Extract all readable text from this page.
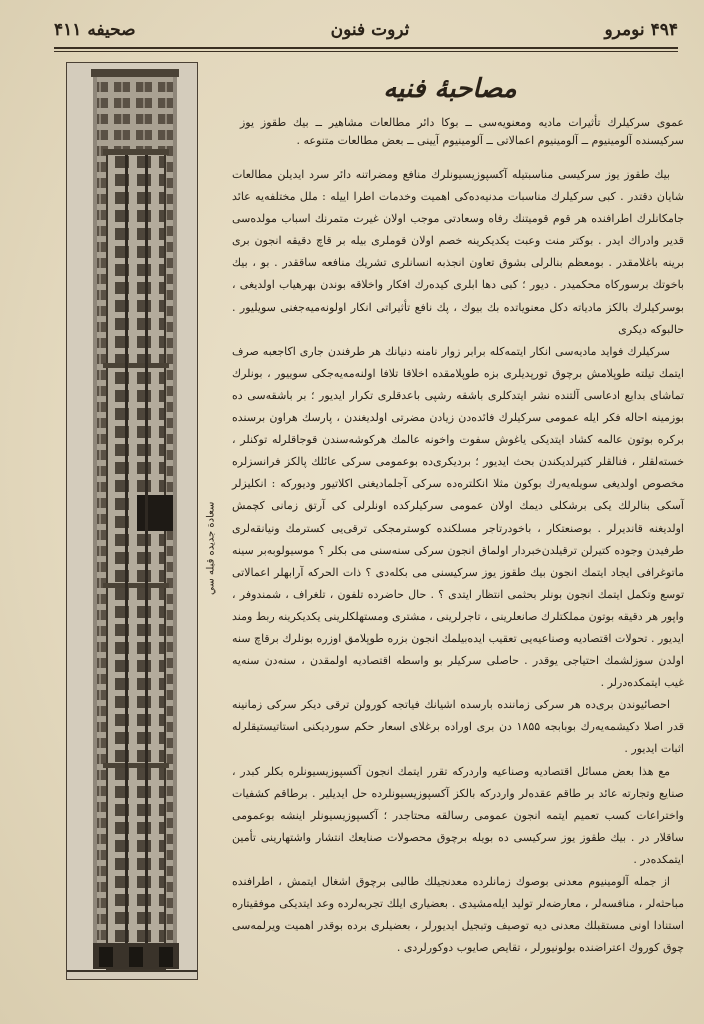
۴۹۴ نومرو
ثروت فنون
صحیفه ۴۱۱
سعادة جديده قبله سي
مصاحبۀ فنیه
عموی سرکیلرك تأثیرات مادیه ومعنویه‌سی ــ بوکا دائر مطالعات مشاهیر ــ بیك طقوز یوز سرکیسنده آلومینیوم ــ آلومینیوم اعمالاتی ــ آلومینیوم آیینی ــ بعض مطالعات متنوعه .

بیك طقوز یوز سرکیسی مناسبتیله آکسپوزیسیونلرك منافع ومضراتنه دائر سرد ایدیلن مطالعات شایان دقتدر . کبی سرکیلرك مناسبات مدنیه‌ده‌کی اهمیت وخدمات اطرا اییله : ملل مختلفه‌یه عائد جامکانلرك اطرافنده هر قوم قومیتنك رفاه وسعادتی موجب اولان غیرت متمرنك اسباب مولده‌سی قدیر وادراك ایدر . بوکتر منت وعبت یکدیکرینه خصم اولان قوملری بیله بر قاچ دقیقه انجون بری برینه باغلامقدر . بومعظم بنالرلی بشوق تعاون انجذبه انسانلری تشریك منافعه ساققدر . بو ، بیك باخوتك برسورکاه محکمیدر . دیور ؛ کبی دها ابلری کیده‌رك افکار واخلاقه بوندن بهرهیاب اولدیغی ، بوسرکیلرك بالکز مادیاته دکل معنویاتده بك بیوك ، پك نافع تأثیراتی انکار اولونه‌میه‌جغنی سویلیور . حالبوکه دیکری

سرکیلرك فواید مادیه‌سی انکار ایتمه‌کله برابر زوار نامنه دنیانك هر طرفندن جاری اکاجعبه صرف ایتمك تیلته طوپلامش برچوق تورپدیلری بزه طوپلامقده اخلاقا تلافا اولنه‌مه‌یه‌جکی سوییور ، بونلرك تماشای بدایع ادعاسی آلتنده نشر ایتدکلری باشقه رشپی باعدقلری تکرار ایدیور ؛ بر باشقه‌سی ده بوزمینه احاله فکر ایله عمومی سرکیلرك فائده‌دن زیادن مضرتی اولدیغندن ، پارسك هراون برسنده برکره بوتون عالمه کشاد ایتدیکی یاغوش سفوت واخونه عالمك هرکوشه‌سندن قوجاقلرله توکنلر ، خسته‌لقلر ، فنالقلر کتیرلدیکندن بحث ایدیور ؛ بردیکری‌ده بوعمومی سرکی عائلك پالکز فرانسزلره مخصوص اولدیغی سویله‌یه‌رك بوکون مثلا انکلتره‌ده سرکی آجلمادیغنی اکلاتیور ودیورکه : انکلیزلر آسکی بنالرلك یکی برشکلی دیمك اولان عمومی سرکیلرکده اونلرلی کی آرتق زمانی کچمش اولدیغنه قاندیرلر . بوصنعتکار ، باخودرتاجر مسلکنده کوسترمجکی ترقی‌یی کسترمك ونیانقه‌لری طرفیدن وجوده کتیرلن ترقیلدن‌خبردار اولماق انجون سرکی سنه‌سنی می بکلر ؟ موسیولوبه‌بر سینه ماتوغرافی ایجاد ایتمك انجون بیك طقوز یوز سرکیسنی می بکله‌دی ؟ ذات الحرکه آرابهلر اعمالاتی توسع وتکمل ایتمك انجون بونلر بحثمی انتظار ایتدی ؟ . حال حاضرده تلفون ، تلغراف ، شمندوفر ، واپور هر دقیقه بوتون مملکتلرك صانعلرینی ، تاجرلرینی ، مشتری ومستهلکلرینی یکدیکرینه ربط ومند ایدیور . تحولات اقتصادیه وصناعیه‌یی تعقیب ایده‌بیلمك انجون بزره طوپلامق اوزره بونلرك برقاچ سنه اولدن سوزلشمك احتیاجی یوقدر . حاصلی سرکیلر بو واسطه اقتصادیه اولمقدن ، سنه‌دن سنه‌یه غیب ایتمکده‌درلر .

احصائیوندن بری‌ده هر سرکی زماننده بارسده اشیانك فیاتجه کورولن ترقی دیکر سرکی زمانینه قدر اصلا دکیشمه‌یه‌رك بوبابجه ۱۸۵۵ دن بری اوراده برغلای اسعار حکم سورديکنی استاتیستیقلرله اثبات ایدیور .

مع هذا بعض مسائل اقتصادیه وصناعیه واردرکه تقرر ایتمك انجون آکسپوزیسیونلره بکلر کبدر ، صنایع وتجارته عائد بر طاقم عقده‌لر واردرکه بالکز آکسپوزیسیونلرده حل ایدیلیر . برطاقم کشفیات واختراعات کسب تعمیم ایتمه انجون عمومی رسالقه محتاجدر ؛ آکسپوزیسیونلر اینشه بوعمومی ساقلار‌ در . بیك طقوز یوز سرکیسی ده بویله برچوق محصولات صنایعك انتشار واشتهارینی تأمین ایتمکده‌در .

از جمله آلومینیوم معدنی بوصوك زمانلرده معدنجیلك طالبی برچوق اشغال ایتمش ، اطرافنده مباحثه‌لر ، منافسه‌لر ، معارضه‌لر تولید ایله‌مشیدی . بعضیاری ایلك تجربه‌لرده وعد ایتدیکی موفقیتاره استنادا اونی مستقبلك معدنی دیه توصیف وتبجیل ایدیورلر ، بعضیلری برده بوقدر اهمیت ویرلمه‌سی چوق کوروك اعتراضنده بولونیورلر ، تقایص صایوب دوکورلردی .
